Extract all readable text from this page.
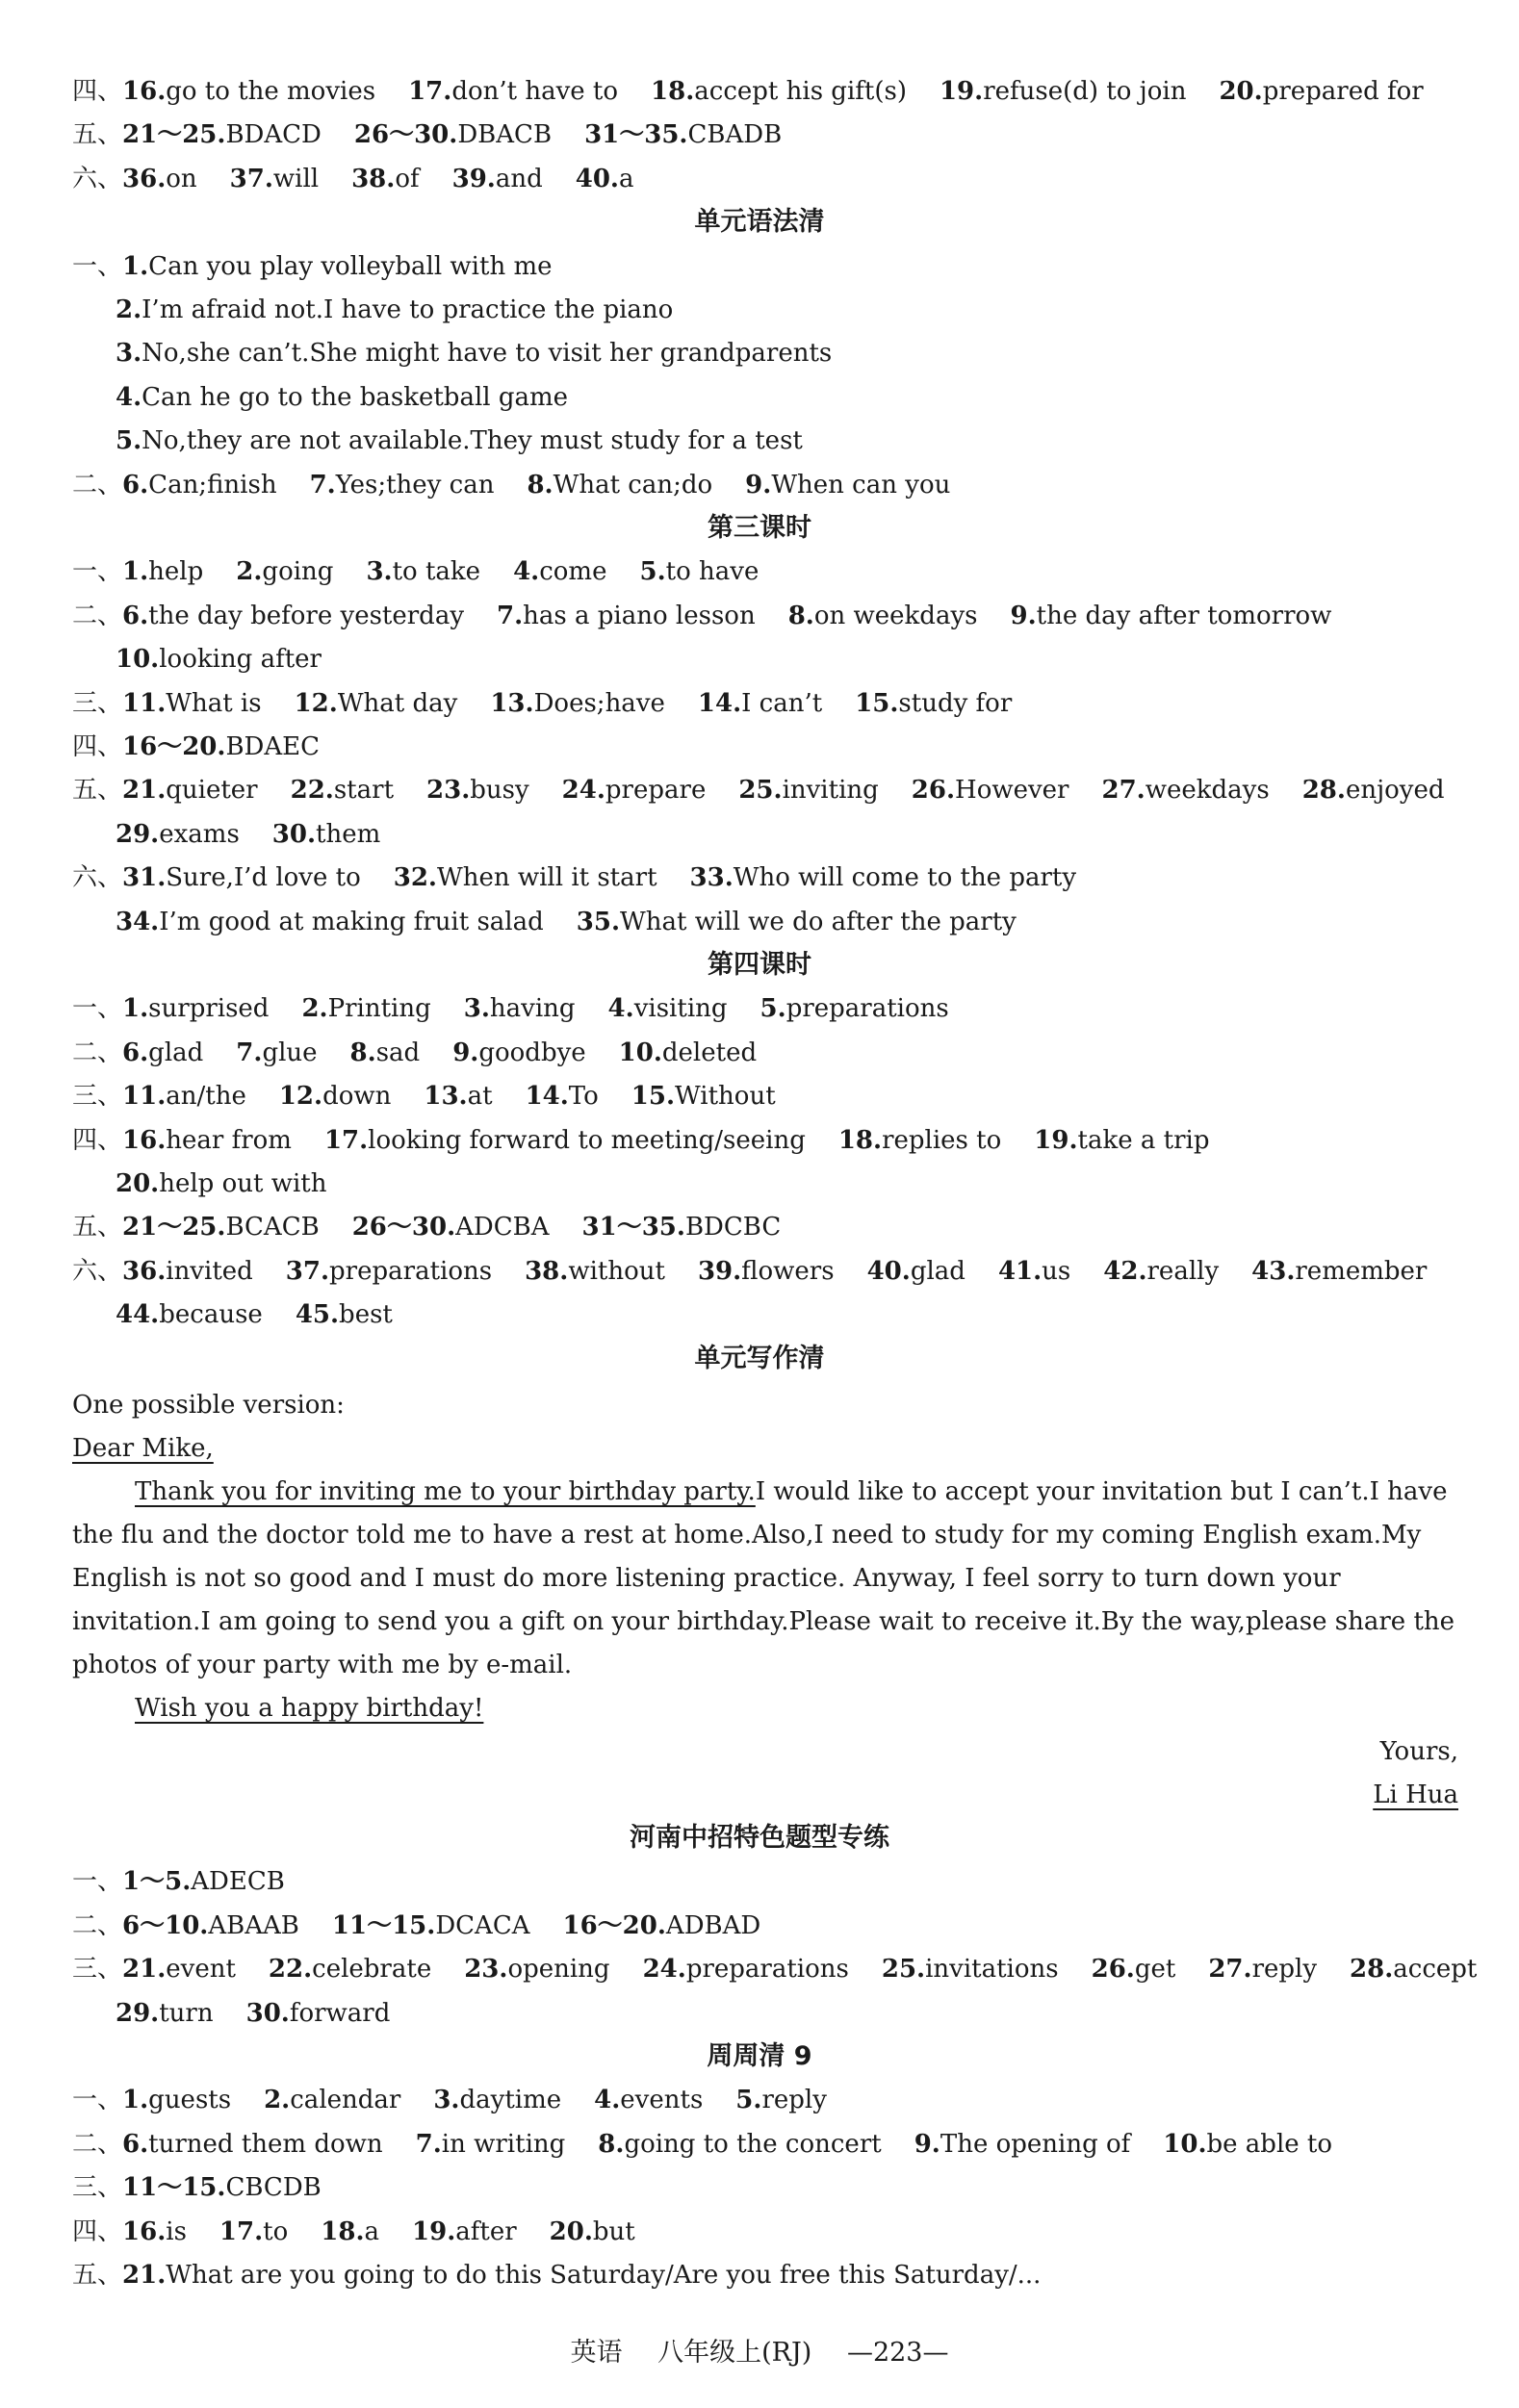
四、16.go to the movies 17.don’t have to 18.accept his gift(s) 19.refuse(d) to join 20.prepared for
五、21～25.BDACD 26～30.DBACB 31～35.CBADB
六、36.on 37.will 38.of 39.and 40.a
单元语法清
一、1.Can you play volleyball with me
2.I’m afraid not.I have to practice the piano
3.No,she can’t.She might have to visit her grandparents
4.Can he go to the basketball game
5.No,they are not available.They must study for a test
二、6.Can;finish 7.Yes;they can 8.What can;do 9.When can you
第三课时
一、1.help 2.going 3.to take 4.come 5.to have
二、6.the day before yesterday 7.has a piano lesson 8.on weekdays 9.the day after tomorrow
10.looking after
三、11.What is 12.What day 13.Does;have 14.I can’t 15.study for
四、16～20.BDAEC
五、21.quieter 22.start 23.busy 24.prepare 25.inviting 26.However 27.weekdays 28.enjoyed
29.exams 30.them
六、31.Sure,I’d love to 32.When will it start 33.Who will come to the party
34.I’m good at making fruit salad 35.What will we do after the party
第四课时
一、1.surprised 2.Printing 3.having 4.visiting 5.preparations
二、6.glad 7.glue 8.sad 9.goodbye 10.deleted
三、11.an/the 12.down 13.at 14.To 15.Without
四、16.hear from 17.looking forward to meeting/seeing 18.replies to 19.take a trip
20.help out with
五、21～25.BCACB 26～30.ADCBA 31～35.BDCBC
六、36.invited 37.preparations 38.without 39.flowers 40.glad 41.us 42.really 43.remember
44.because 45.best
单元写作清
One possible version:
Dear Mike,
Thank you for inviting me to your birthday party.I would like to accept your invitation but I can’t.I have
the flu and the doctor told me to have a rest at home.Also,I need to study for my coming English exam.My
English is not so good and I must do more listening practice. Anyway, I feel sorry to turn down your
invitation.I am going to send you a gift on your birthday.Please wait to receive it.By the way,please share the
photos of your party with me by e-mail.
Wish you a happy birthday!
Yours,
Li Hua
河南中招特色题型专练
一、1～5.ADECB
二、6～10.ABAAB 11～15.DCACA 16～20.ADBAD
三、21.event 22.celebrate 23.opening 24.preparations 25.invitations 26.get 27.reply 28.accept
29.turn 30.forward
周周清 9
一、1.guests 2.calendar 3.daytime 4.events 5.reply
二、6.turned them down 7.in writing 8.going to the concert 9.The opening of 10.be able to
三、11～15.CBCDB
四、16.is 17.to 18.a 19.after 20.but
五、21.What are you going to do this Saturday/Are you free this Saturday/...
英语 八年级上(RJ) —223—
